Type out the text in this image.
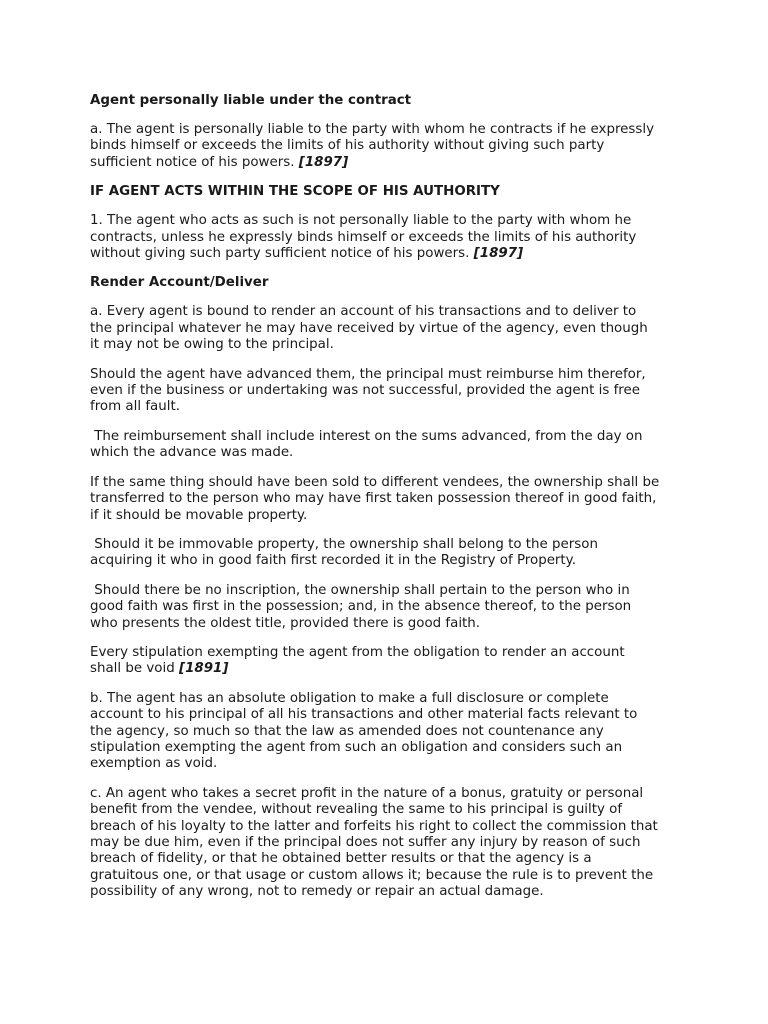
Agent personally liable under the contract
a. The agent is personally liable to the party with whom he contracts if he expressly
binds himself or exceeds the limits of his authority without giving such party
sufficient notice of his powers. [1897]
IF AGENT ACTS WITHIN THE SCOPE OF HIS AUTHORITY
1. The agent who acts as such is not personally liable to the party with whom he
contracts, unless he expressly binds himself or exceeds the limits of his authority
without giving such party sufficient notice of his powers. [1897]
Render Account/Deliver
a. Every agent is bound to render an account of his transactions and to deliver to
the principal whatever he may have received by virtue of the agency, even though
it may not be owing to the principal.
Should the agent have advanced them, the principal must reimburse him therefor,
even if the business or undertaking was not successful, provided the agent is free
from all fault.
The reimbursement shall include interest on the sums advanced, from the day on
which the advance was made.
If the same thing should have been sold to different vendees, the ownership shall be
transferred to the person who may have first taken possession thereof in good faith,
if it should be movable property.
Should it be immovable property, the ownership shall belong to the person
acquiring it who in good faith first recorded it in the Registry of Property.
Should there be no inscription, the ownership shall pertain to the person who in
good faith was first in the possession; and, in the absence thereof, to the person
who presents the oldest title, provided there is good faith.
Every stipulation exempting the agent from the obligation to render an account
shall be void [1891]
b. The agent has an absolute obligation to make a full disclosure or complete
account to his principal of all his transactions and other material facts relevant to
the agency, so much so that the law as amended does not countenance any
stipulation exempting the agent from such an obligation and considers such an
exemption as void.
c. An agent who takes a secret profit in the nature of a bonus, gratuity or personal
benefit from the vendee, without revealing the same to his principal is guilty of
breach of his loyalty to the latter and forfeits his right to collect the commission that
may be due him, even if the principal does not suffer any injury by reason of such
breach of fidelity, or that he obtained better results or that the agency is a
gratuitous one, or that usage or custom allows it; because the rule is to prevent the
possibility of any wrong, not to remedy or repair an actual damage.
